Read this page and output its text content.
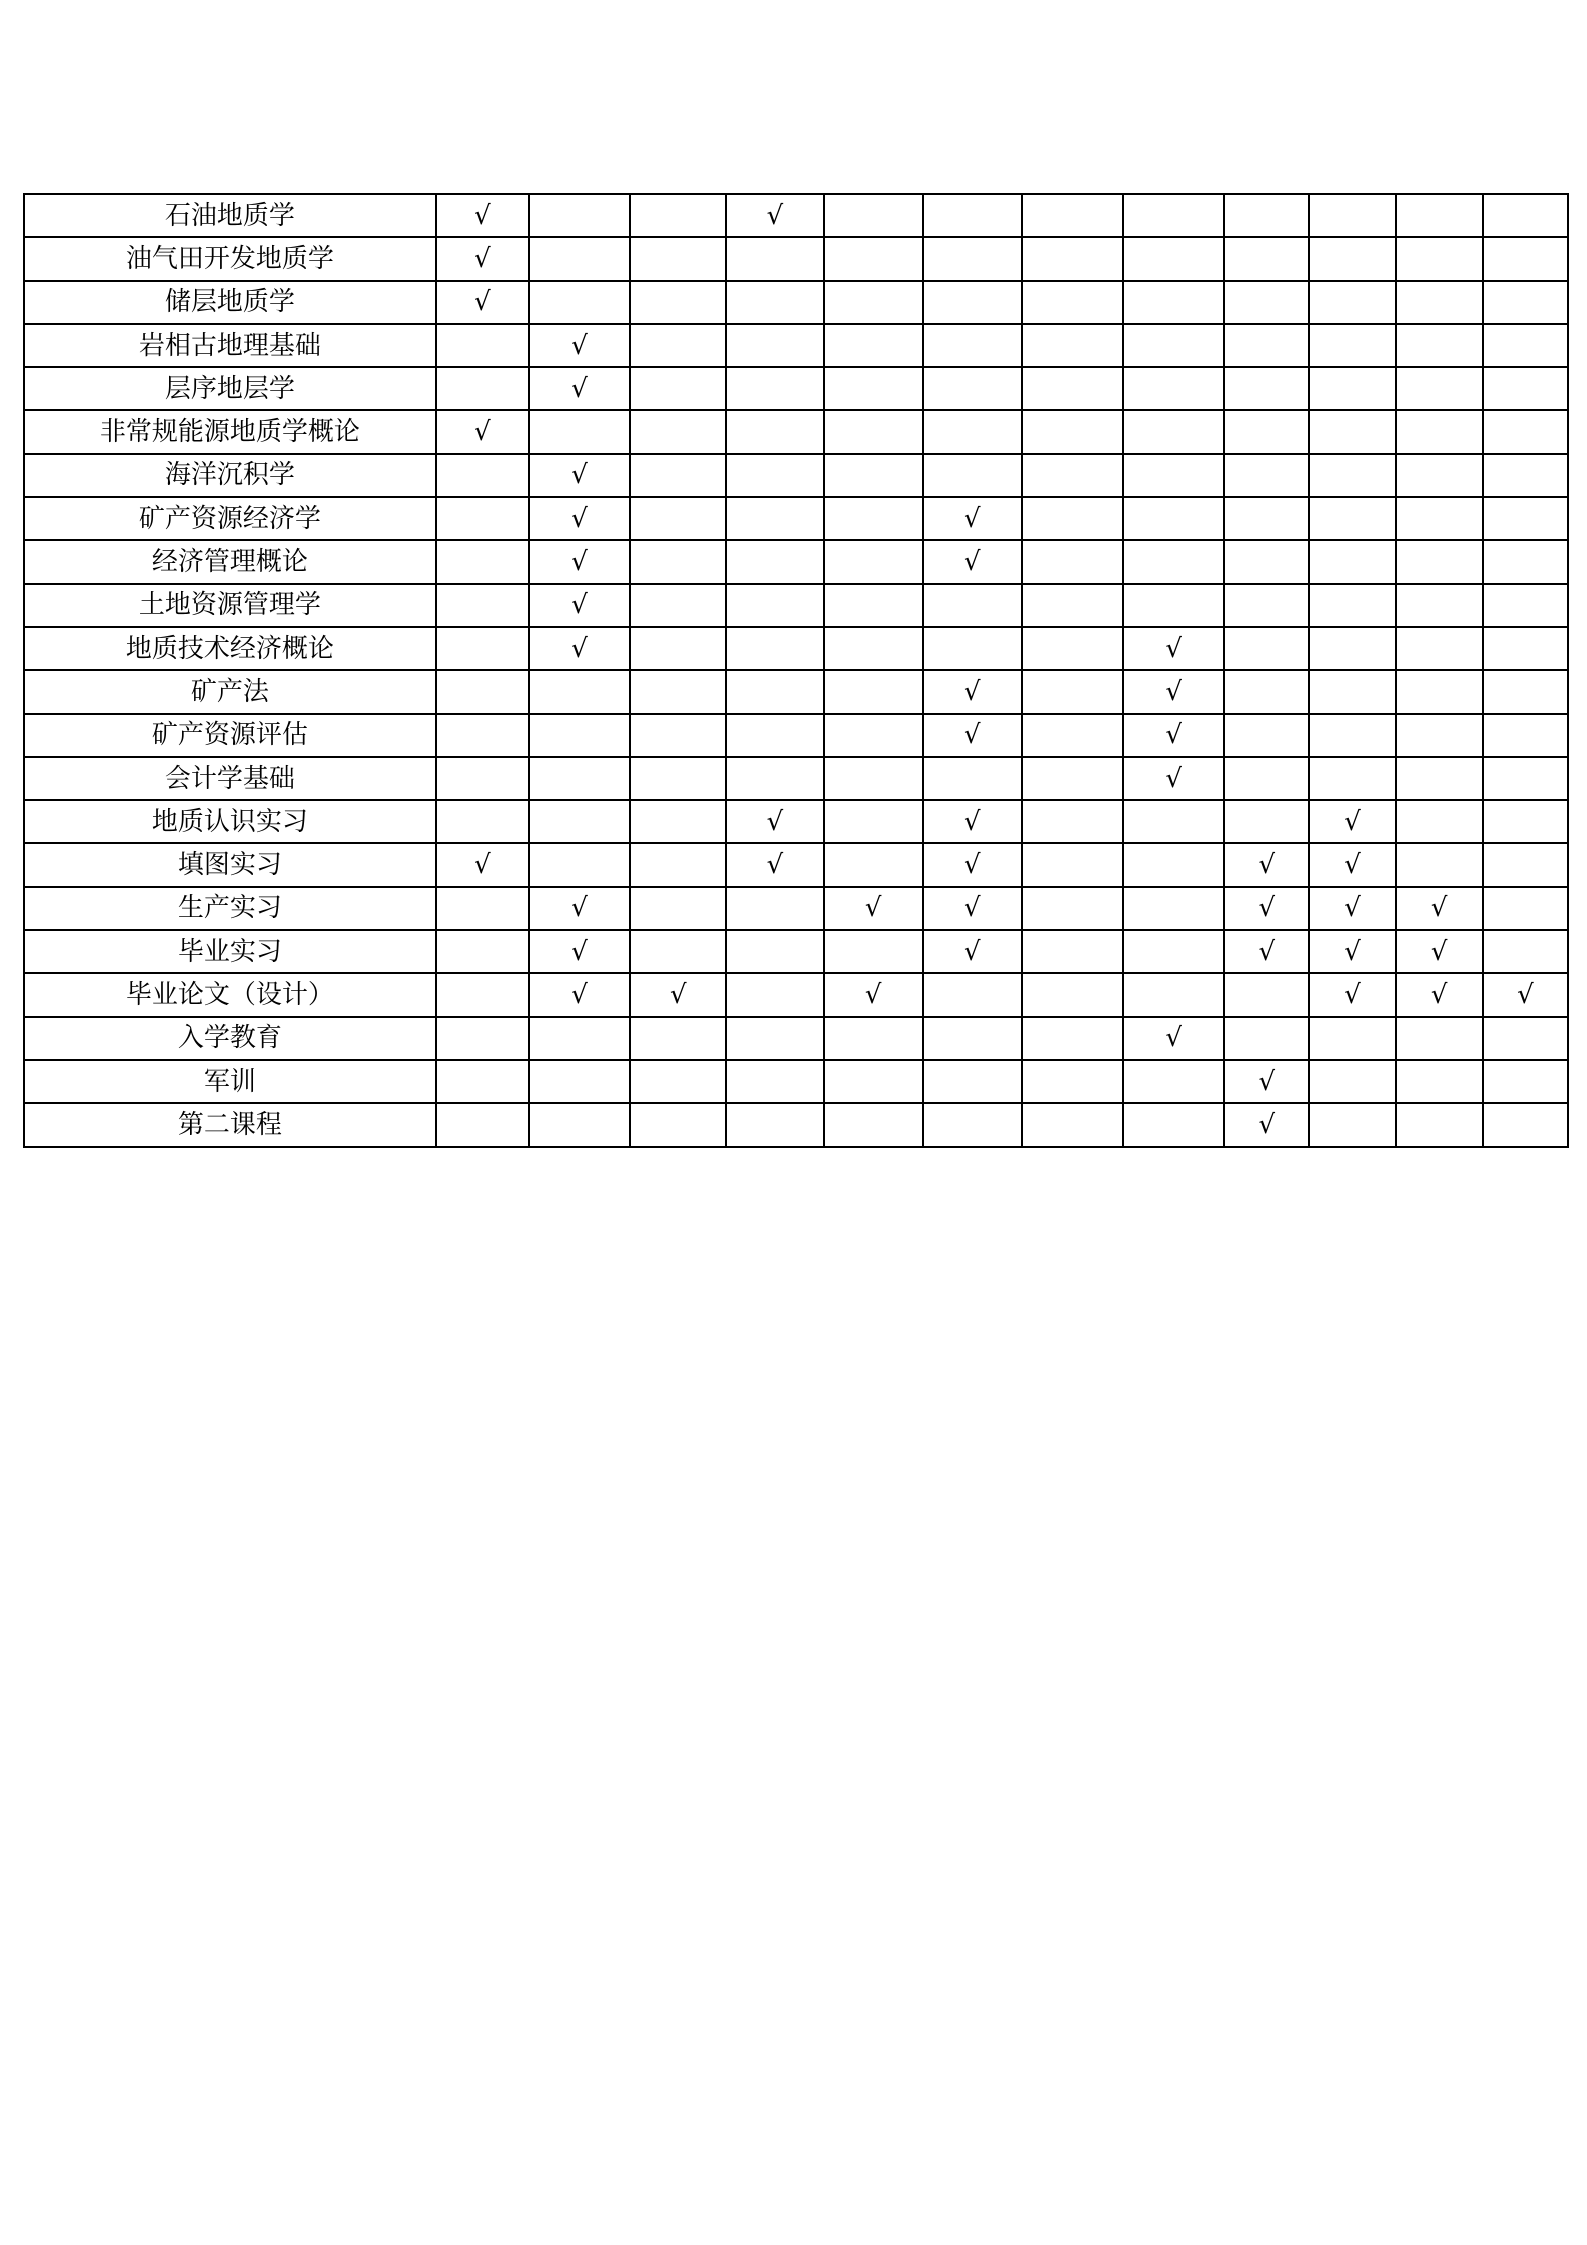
石油地质学	√			√								
油气田开发地质学	√											
储层地质学	√											
岩相古地理基础		√										
层序地层学		√										
非常规能源地质学概论	√											
海洋沉积学		√										
矿产资源经济学		√				√						
经济管理概论		√				√						
土地资源管理学		√										
地质技术经济概论		√						√				
矿产法						√		√				
矿产资源评估						√		√				
会计学基础								√				
地质认识实习				√		√				√		
填图实习	√			√		√			√	√		
生产实习		√			√	√			√	√	√	
毕业实习		√				√			√	√	√	
毕业论文（设计）		√	√		√					√	√	√
入学教育								√				
军训									√			
第二课程									√			
